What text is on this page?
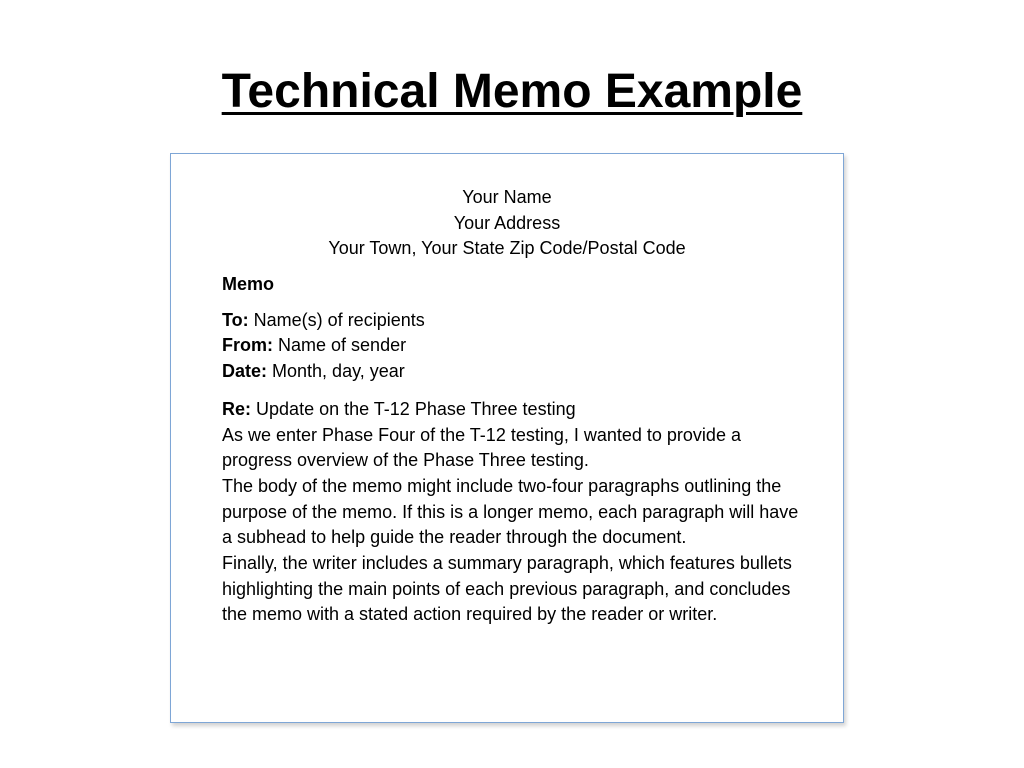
Technical Memo Example
Your Name
Your Address
Your Town, Your State Zip Code/Postal Code
Memo
To: Name(s) of recipients
From: Name of sender
Date: Month, day, year
Re: Update on the T-12 Phase Three testing

As we enter Phase Four of the T-12 testing, I wanted to provide a progress overview of the Phase Three testing.

The body of the memo might include two-four paragraphs outlining the purpose of the memo. If this is a longer memo, each paragraph will have a subhead to help guide the reader through the document.

Finally, the writer includes a summary paragraph, which features bullets highlighting the main points of each previous paragraph, and concludes the memo with a stated action required by the reader or writer.
